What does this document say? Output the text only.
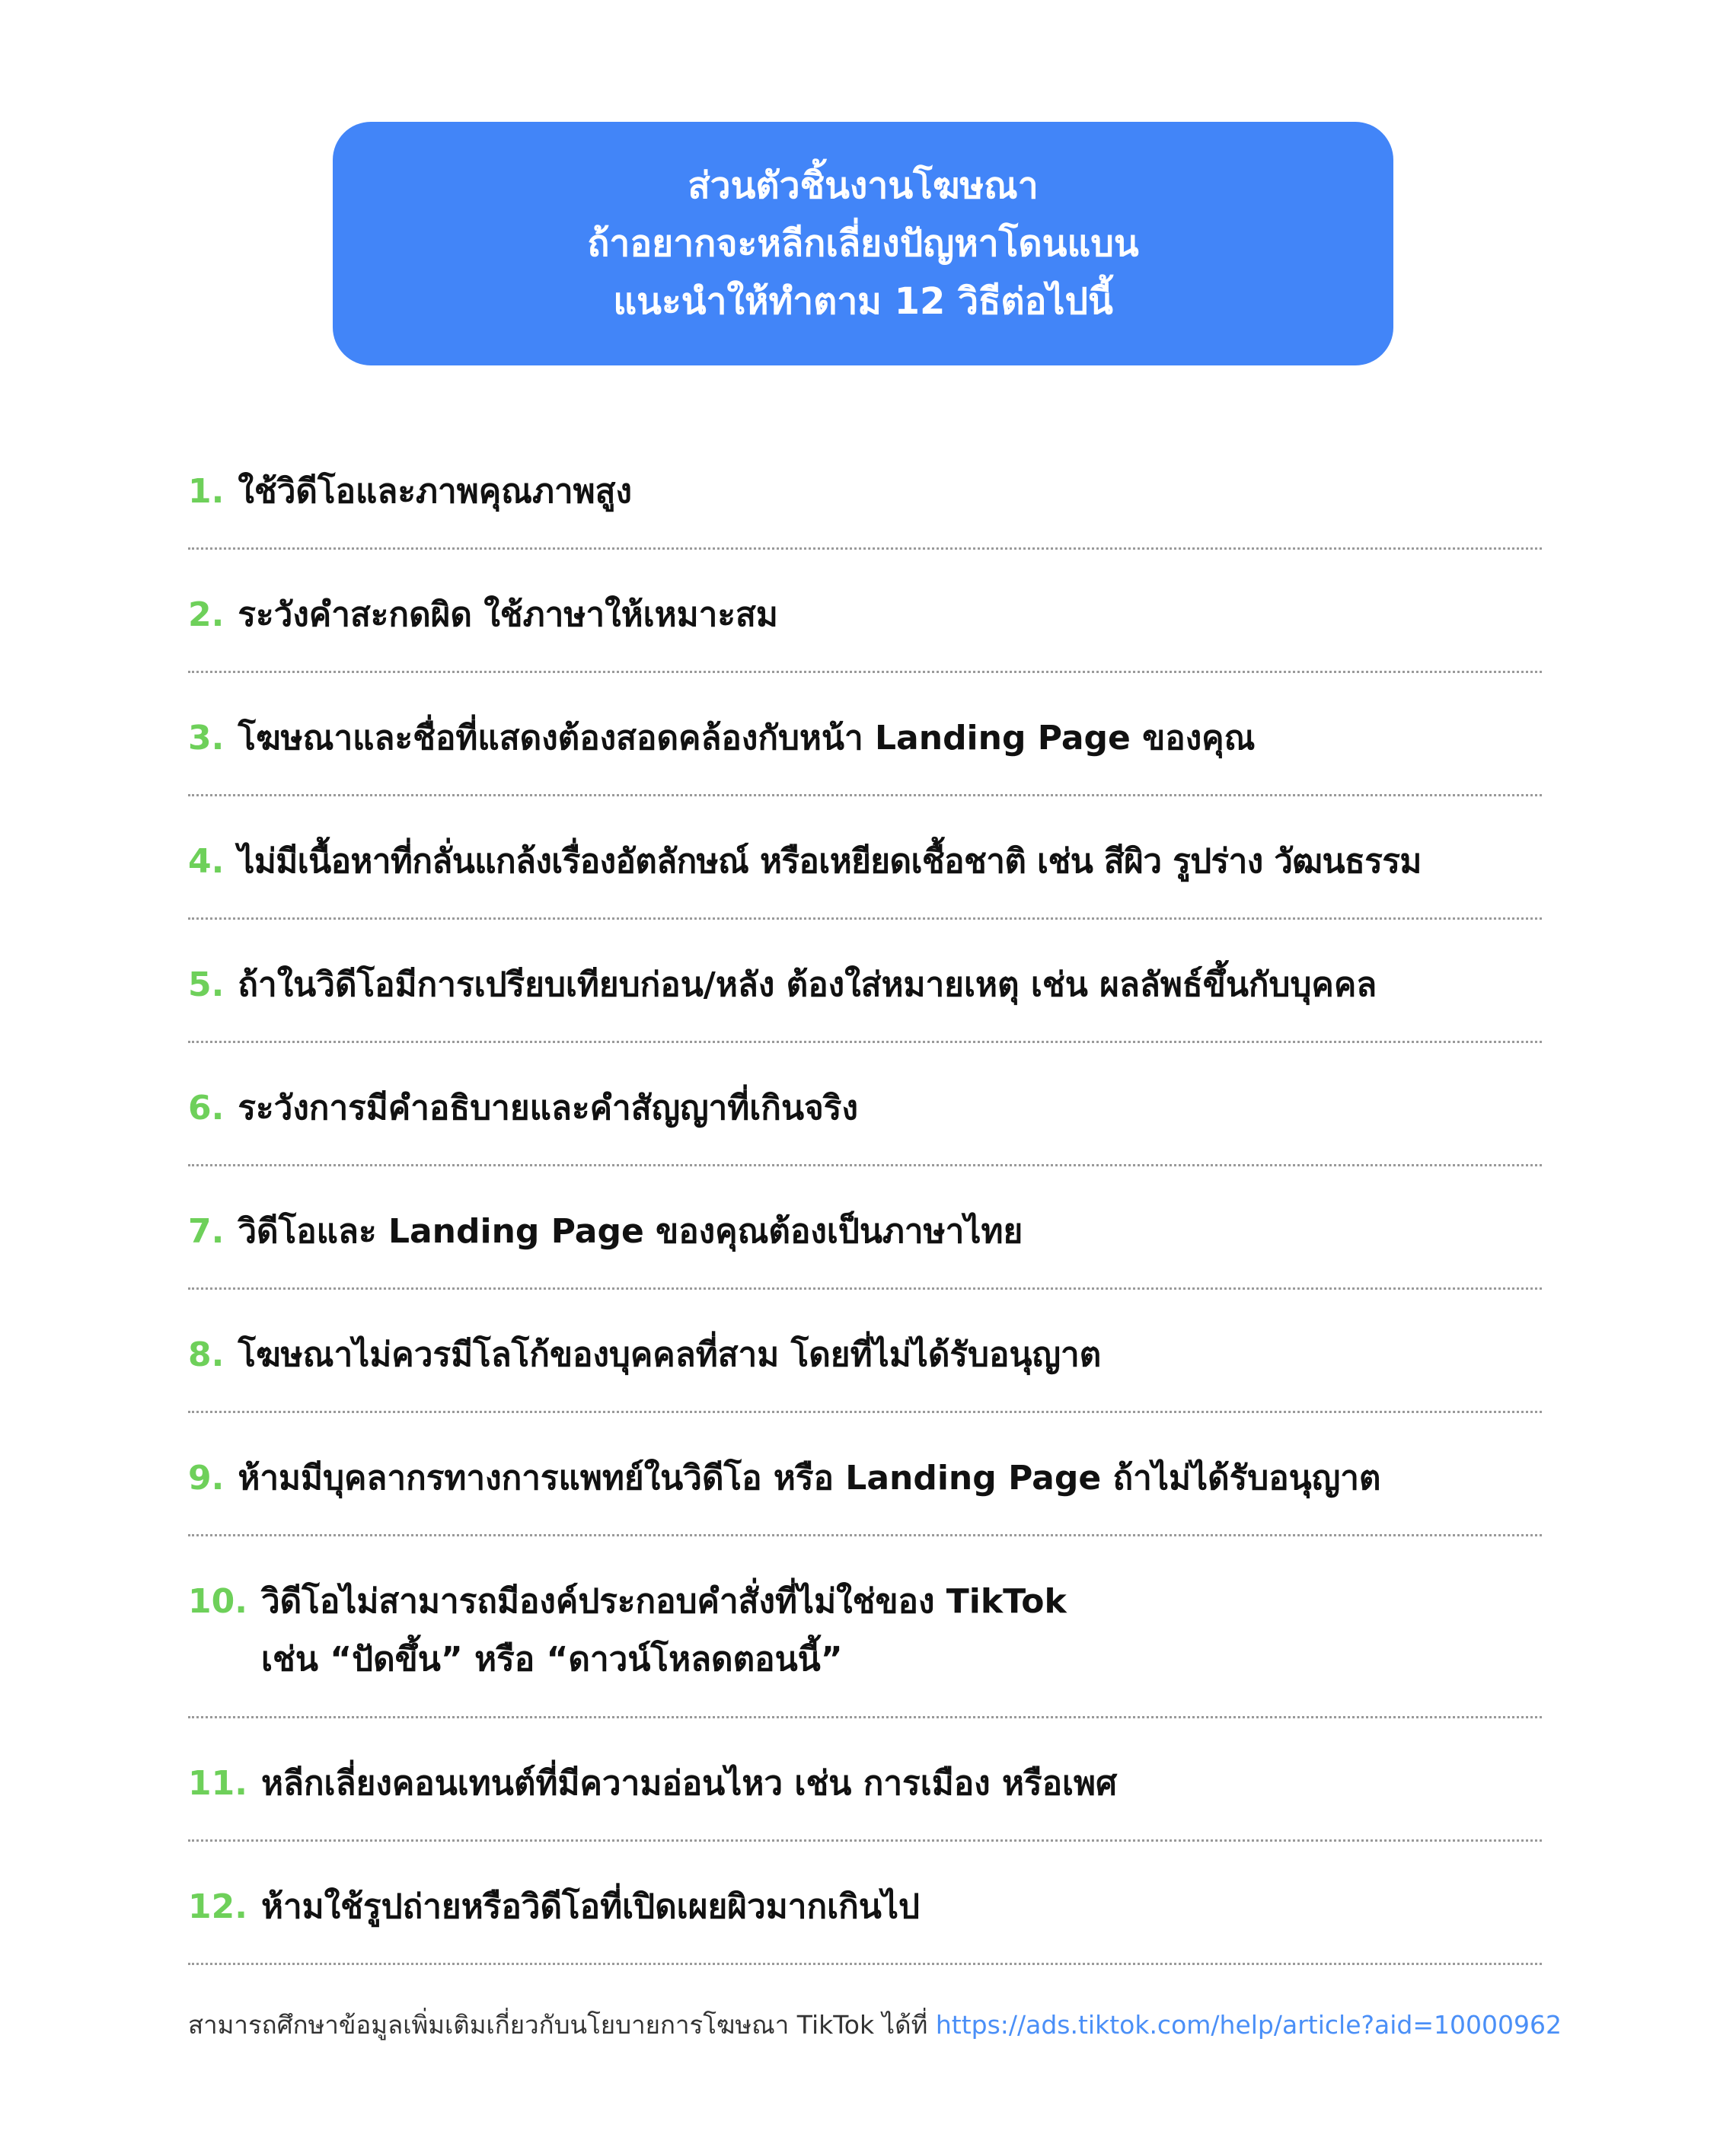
ส่วนตัวชิ้นงานโฆษณา
ถ้าอยากจะหลีกเลี่ยงปัญหาโดนแบน
แนะนำให้ทำตาม 12 วิธีต่อไปนี้
1. ใช้วิดีโอและภาพคุณภาพสูง
2. ระวังคำสะกดผิด ใช้ภาษาให้เหมาะสม
3. โฆษณาและชื่อที่แสดงต้องสอดคล้องกับหน้า Landing Page ของคุณ
4. ไม่มีเนื้อหาที่กลั่นแกล้งเรื่องอัตลักษณ์ หรือเหยียดเชื้อชาติ เช่น สีผิว รูปร่าง วัฒนธรรม
5. ถ้าในวิดีโอมีการเปรียบเทียบก่อน/หลัง ต้องใส่หมายเหตุ เช่น ผลลัพธ์ขึ้นกับบุคคล
6. ระวังการมีคำอธิบายและคำสัญญาที่เกินจริง
7. วิดีโอและ Landing Page ของคุณต้องเป็นภาษาไทย
8. โฆษณาไม่ควรมีโลโก้ของบุคคลที่สาม โดยที่ไม่ได้รับอนุญาต
9. ห้ามมีบุคลากรทางการแพทย์ในวิดีโอ หรือ Landing Page ถ้าไม่ได้รับอนุญาต
10. วิดีโอไม่สามารถมีองค์ประกอบคำสั่งที่ไม่ใช่ของ TikTok
เช่น “ปัดขึ้น” หรือ “ดาวน์โหลดตอนนี้”
11. หลีกเลี่ยงคอนเทนต์ที่มีความอ่อนไหว เช่น การเมือง หรือเพศ
12. ห้ามใช้รูปถ่ายหรือวิดีโอที่เปิดเผยผิวมากเกินไป
สามารถศึกษาข้อมูลเพิ่มเติมเกี่ยวกับนโยบายการโฆษณา TikTok ได้ที่ https://ads.tiktok.com/help/article?aid=10000962
